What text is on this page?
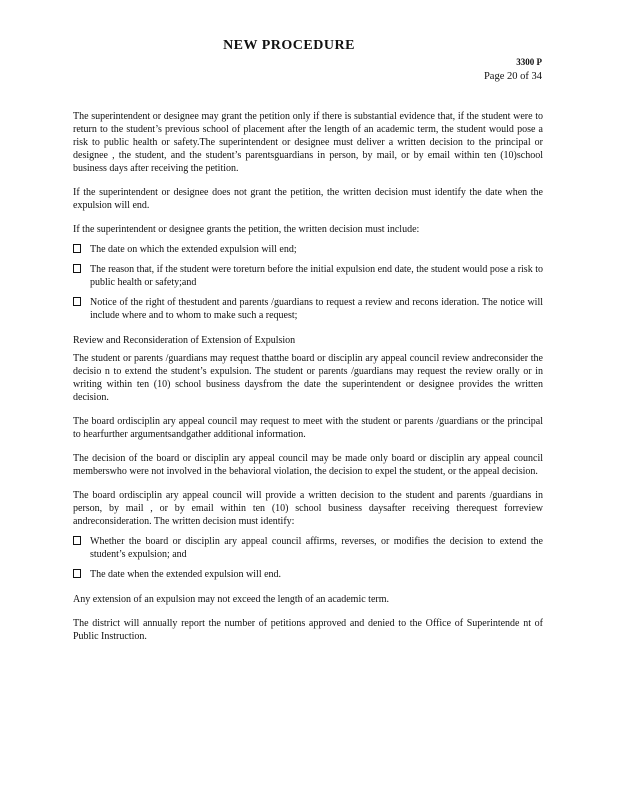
NEW PROCEDURE
3300 P
Page 20 of 34

The superintendent or designee may grant the petition only if there is substantial evidence that, if the student were to return to the student’s previous school of placement after the length of an academic term, the student would pose a risk to public health or safety.The superintendent or designee must deliver a written decision to the principal or designee , the student, and the student’s parentsguardians in person, by mail, or by email within ten (10)school business days after receiving the petition.

If the superintendent or designee does not grant the petition, the written decision must identify the date when the expulsion will end.

If the superintendent or designee grants the petition, the written decision must include:

The date on which the extended expulsion will end;
The reason that, if the student were toreturn before the initial expulsion end date, the student would pose a risk to public health or safety;and
Notice of the right of thestudent and parents /guardians to request a review and recons ideration. The notice will include where and to whom to make such a request;

Review and Reconsideration of Extension of Expulsion

The student or parents /guardians may request thatthe board or disciplin ary appeal council review andreconsider the decisio n to extend the student’s expulsion. The student or parents /guardians may request the review orally or in writing within ten (10) school business daysfrom the date the superintendent or designee provides the written decision.

The board ordisciplin ary appeal council may request to meet with the student or parents /guardians or the principal to hearfurther argumentsandgather additional information.

The decision of the board or disciplin ary appeal council may be made only board or disciplin ary appeal council memberswho were not involved in the behavioral violation, the decision to expel the student, or the appeal decision.

The board ordisciplin ary appeal council will provide a written decision to the student and parents /guardians in person, by mail , or by email within ten (10) school business daysafter receiving therequest forreview andreconsideration. The written decision must identify:

Whether the board or disciplin ary appeal council affirms, reverses, or modifies the decision to extend the student’s expulsion; and
The date when the extended expulsion will end.

Any extension of an expulsion may not exceed the length of an academic term.

The district will annually report the number of petitions approved and denied to the Office of Superintende nt of Public Instruction.
